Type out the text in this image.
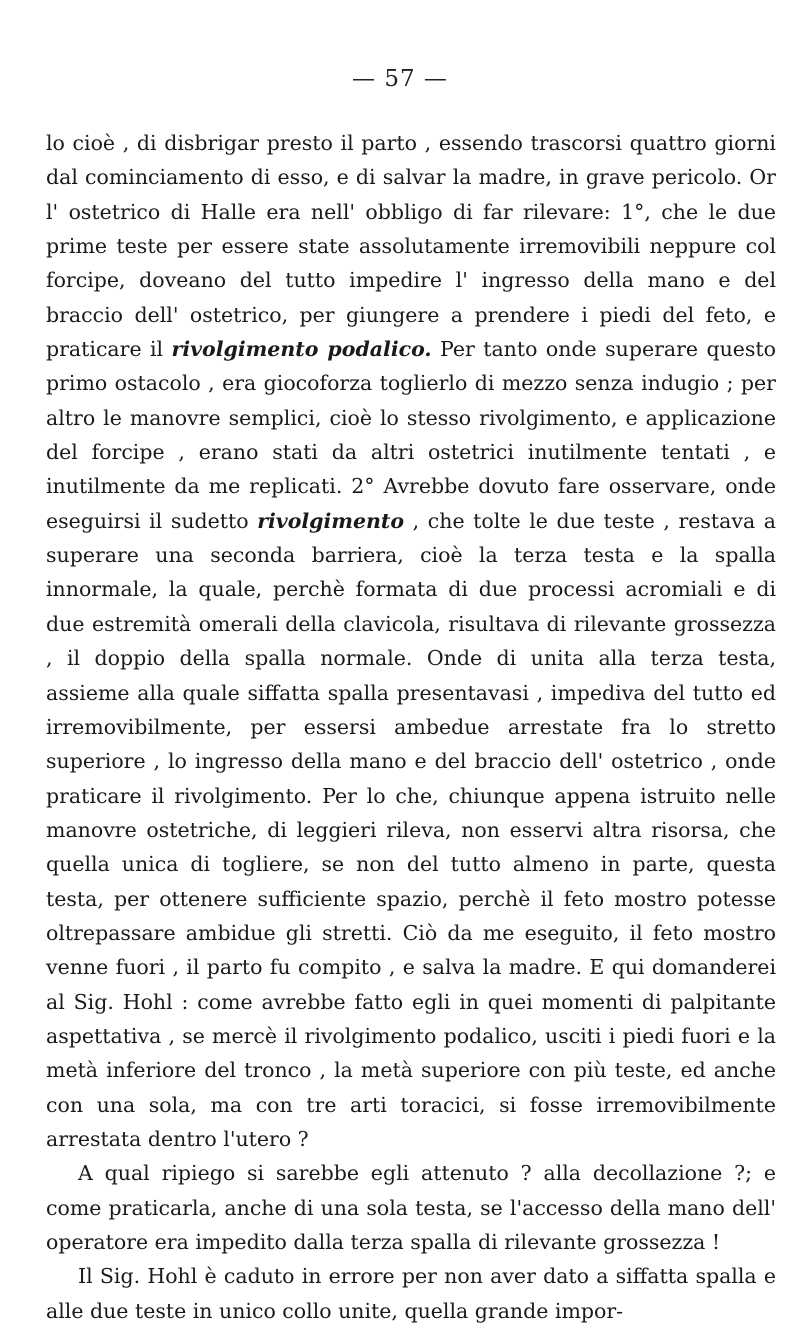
— 57 —

lo cioè , di disbrigar presto il parto , essendo trascorsi quattro giorni dal cominciamento di esso, e di salvar la madre, in grave pericolo. Or l' ostetrico di Halle era nell' obbligo di far rilevare: 1°, che le due prime teste per essere state assolutamente irremovibili neppure col forcipe, doveano del tutto impedire l' ingresso della mano e del braccio dell' ostetrico, per giungere a prendere i piedi del feto, e praticare il rivolgimento podalico. Per tanto onde superare questo primo ostacolo , era giocoforza toglierlo di mezzo senza indugio ; per altro le manovre semplici, cioè lo stesso rivolgimento, e applicazione del forcipe , erano stati da altri ostetrici inutilmente tentati , e inutilmente da me replicati. 2° Avrebbe dovuto fare osservare, onde eseguirsi il sudetto rivolgimento , che tolte le due teste , restava a superare una seconda barriera, cioè la terza testa e la spalla innormale, la quale, perchè formata di due processi acromiali e di due estremità omerali della clavicola, risultava di rilevante grossezza , il doppio della spalla normale. Onde di unita alla terza testa, assieme alla quale siffatta spalla presentavasi , impediva del tutto ed irremovibilmente, per essersi ambedue arrestate fra lo stretto superiore , lo ingresso della mano e del braccio dell' ostetrico , onde praticare il rivolgimento. Per lo che, chiunque appena istruito nelle manovre ostetriche, di leggieri rileva, non esservi altra risorsa, che quella unica di togliere, se non del tutto almeno in parte, questa testa, per ottenere sufficiente spazio, perchè il feto mostro potesse oltrepassare ambidue gli stretti. Ciò da me eseguito, il feto mostro venne fuori , il parto fu compito , e salva la madre. E qui domanderei al Sig. Hohl : come avrebbe fatto egli in quei momenti di palpitante aspettativa , se mercè il rivolgimento podalico, usciti i piedi fuori e la metà inferiore del tronco , la metà superiore con più teste, ed anche con una sola, ma con tre arti toracici, si fosse irremovibilmente arrestata dentro l'utero ?

A qual ripiego si sarebbe egli attenuto ? alla decollazione ?; e come praticarla, anche di una sola testa, se l'accesso della mano dell' operatore era impedito dalla terza spalla di rilevante grossezza !

Il Sig. Hohl è caduto in errore per non aver dato a siffatta spalla e alle due teste in unico collo unite, quella grande impor-
